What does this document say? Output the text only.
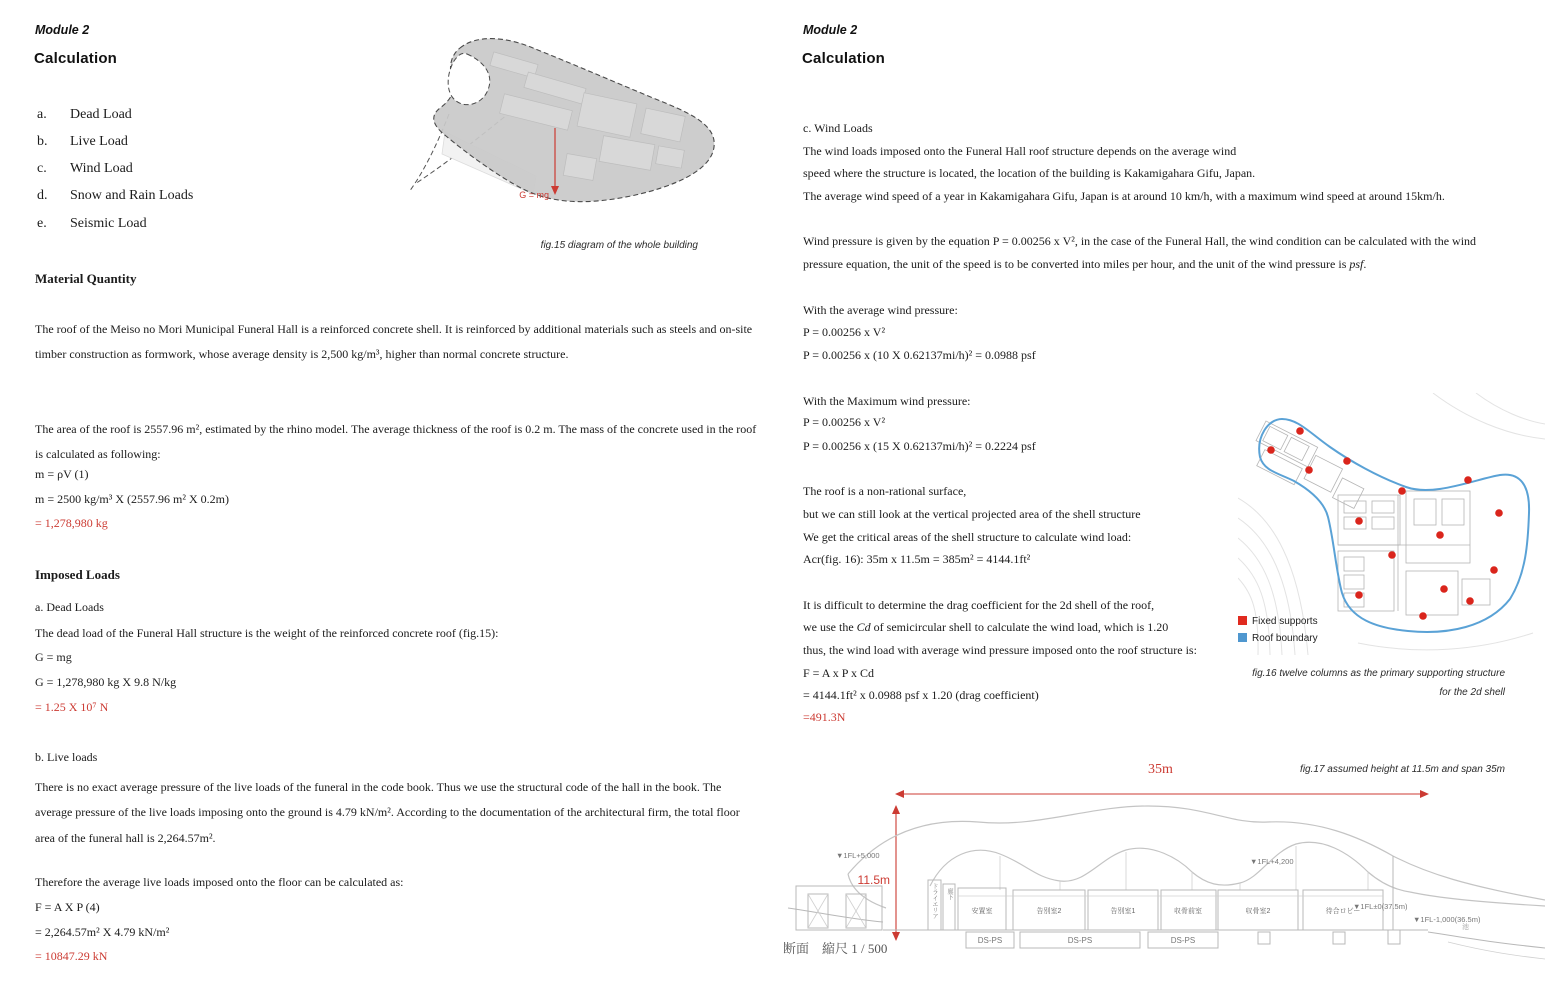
Module 2
Calculation
a. Dead Load
b. Live Load
c. Wind Load
d. Snow and Rain Loads
e. Seismic Load
G = mg
fig.15 diagram of the whole building
Material Quantity
The roof of the Meiso no Mori Municipal Funeral Hall is a reinforced concrete shell. It is reinforced by additional materials such as steels and on-site timber construction as formwork, whose average density is 2,500 kg/m³, higher than normal concrete structure.
The area of the roof is 2557.96 m², estimated by the rhino model. The average thickness of the roof is 0.2 m. The mass of the concrete used in the roof is calculated as following:
m = ρV (1)
m = 2500 kg/m³ X (2557.96 m² X 0.2m)
= 1,278,980 kg
Imposed Loads
a. Dead Loads
The dead load of the Funeral Hall structure is the weight of the reinforced concrete roof (fig.15):
G = mg
G = 1,278,980 kg X 9.8 N/kg
= 1.25 X 10⁷ N
b. Live loads
There is no exact average pressure of the live loads of the funeral in the code book. Thus we use the structural code of the hall in the book. The average pressure of the live loads imposing onto the ground is 4.79 kN/m². According to the documentation of the architectural firm, the total floor area of the funeral hall is 2,264.57m².
Therefore the average live loads imposed onto the floor can be calculated as:
F = A X P (4)
= 2,264.57m² X 4.79 kN/m²
= 10847.29 kN
Module 2
Calculation
c. Wind Loads
The wind loads imposed onto the Funeral Hall roof structure depends on the average wind
speed where the structure is located, the location of the building is Kakamigahara Gifu, Japan.
The average wind speed of a year in Kakamigahara Gifu, Japan is at around 10 km/h, with a maximum wind speed at around 15km/h.
Wind pressure is given by the equation P = 0.00256 x V², in the case of the Funeral Hall, the wind condition can be calculated with the wind
pressure equation, the unit of the speed is to be converted into miles per hour, and the unit of the wind pressure is psf.
With the average wind pressure:
P = 0.00256 x V²
P = 0.00256 x (10 X 0.62137mi/h)² = 0.0988 psf
With the Maximum wind pressure:
P = 0.00256 x V²
P = 0.00256 x (15 X 0.62137mi/h)² = 0.2224 psf
The roof is a non-rational surface,
but we can still look at the vertical projected area of the shell structure
We get the critical areas of the shell structure to calculate wind load:
Acr(fig. 16): 35m x 11.5m = 385m² = 4144.1ft²
It is difficult to determine the drag coefficient for the 2d shell of the roof,
we use the Cd of semicircular shell to calculate the wind load, which is 1.20
thus, the wind load with average wind pressure imposed onto the roof structure is:
F = A x P x Cd
= 4144.1ft² x 0.0988 psf x 1.20 (drag coefficient)
=491.3N
Fixed supports
Roof boundary
fig.16 twelve columns as the primary supporting structure
for the 2d shell
35m	fig.17 assumed height at 11.5m and span 35m
11.5m
ドライエリア 廊下
安置室	告別室2	告別室1	収骨前室	収骨室2	待合ロビー
DS-PS	DS-PS	DS-PS
▼1FL+5,000
▼1FL+4,200
▼1FL±0(37.5m)
▼1FL-1,000(36.5m)
池
断面　縮尺 1 / 500
